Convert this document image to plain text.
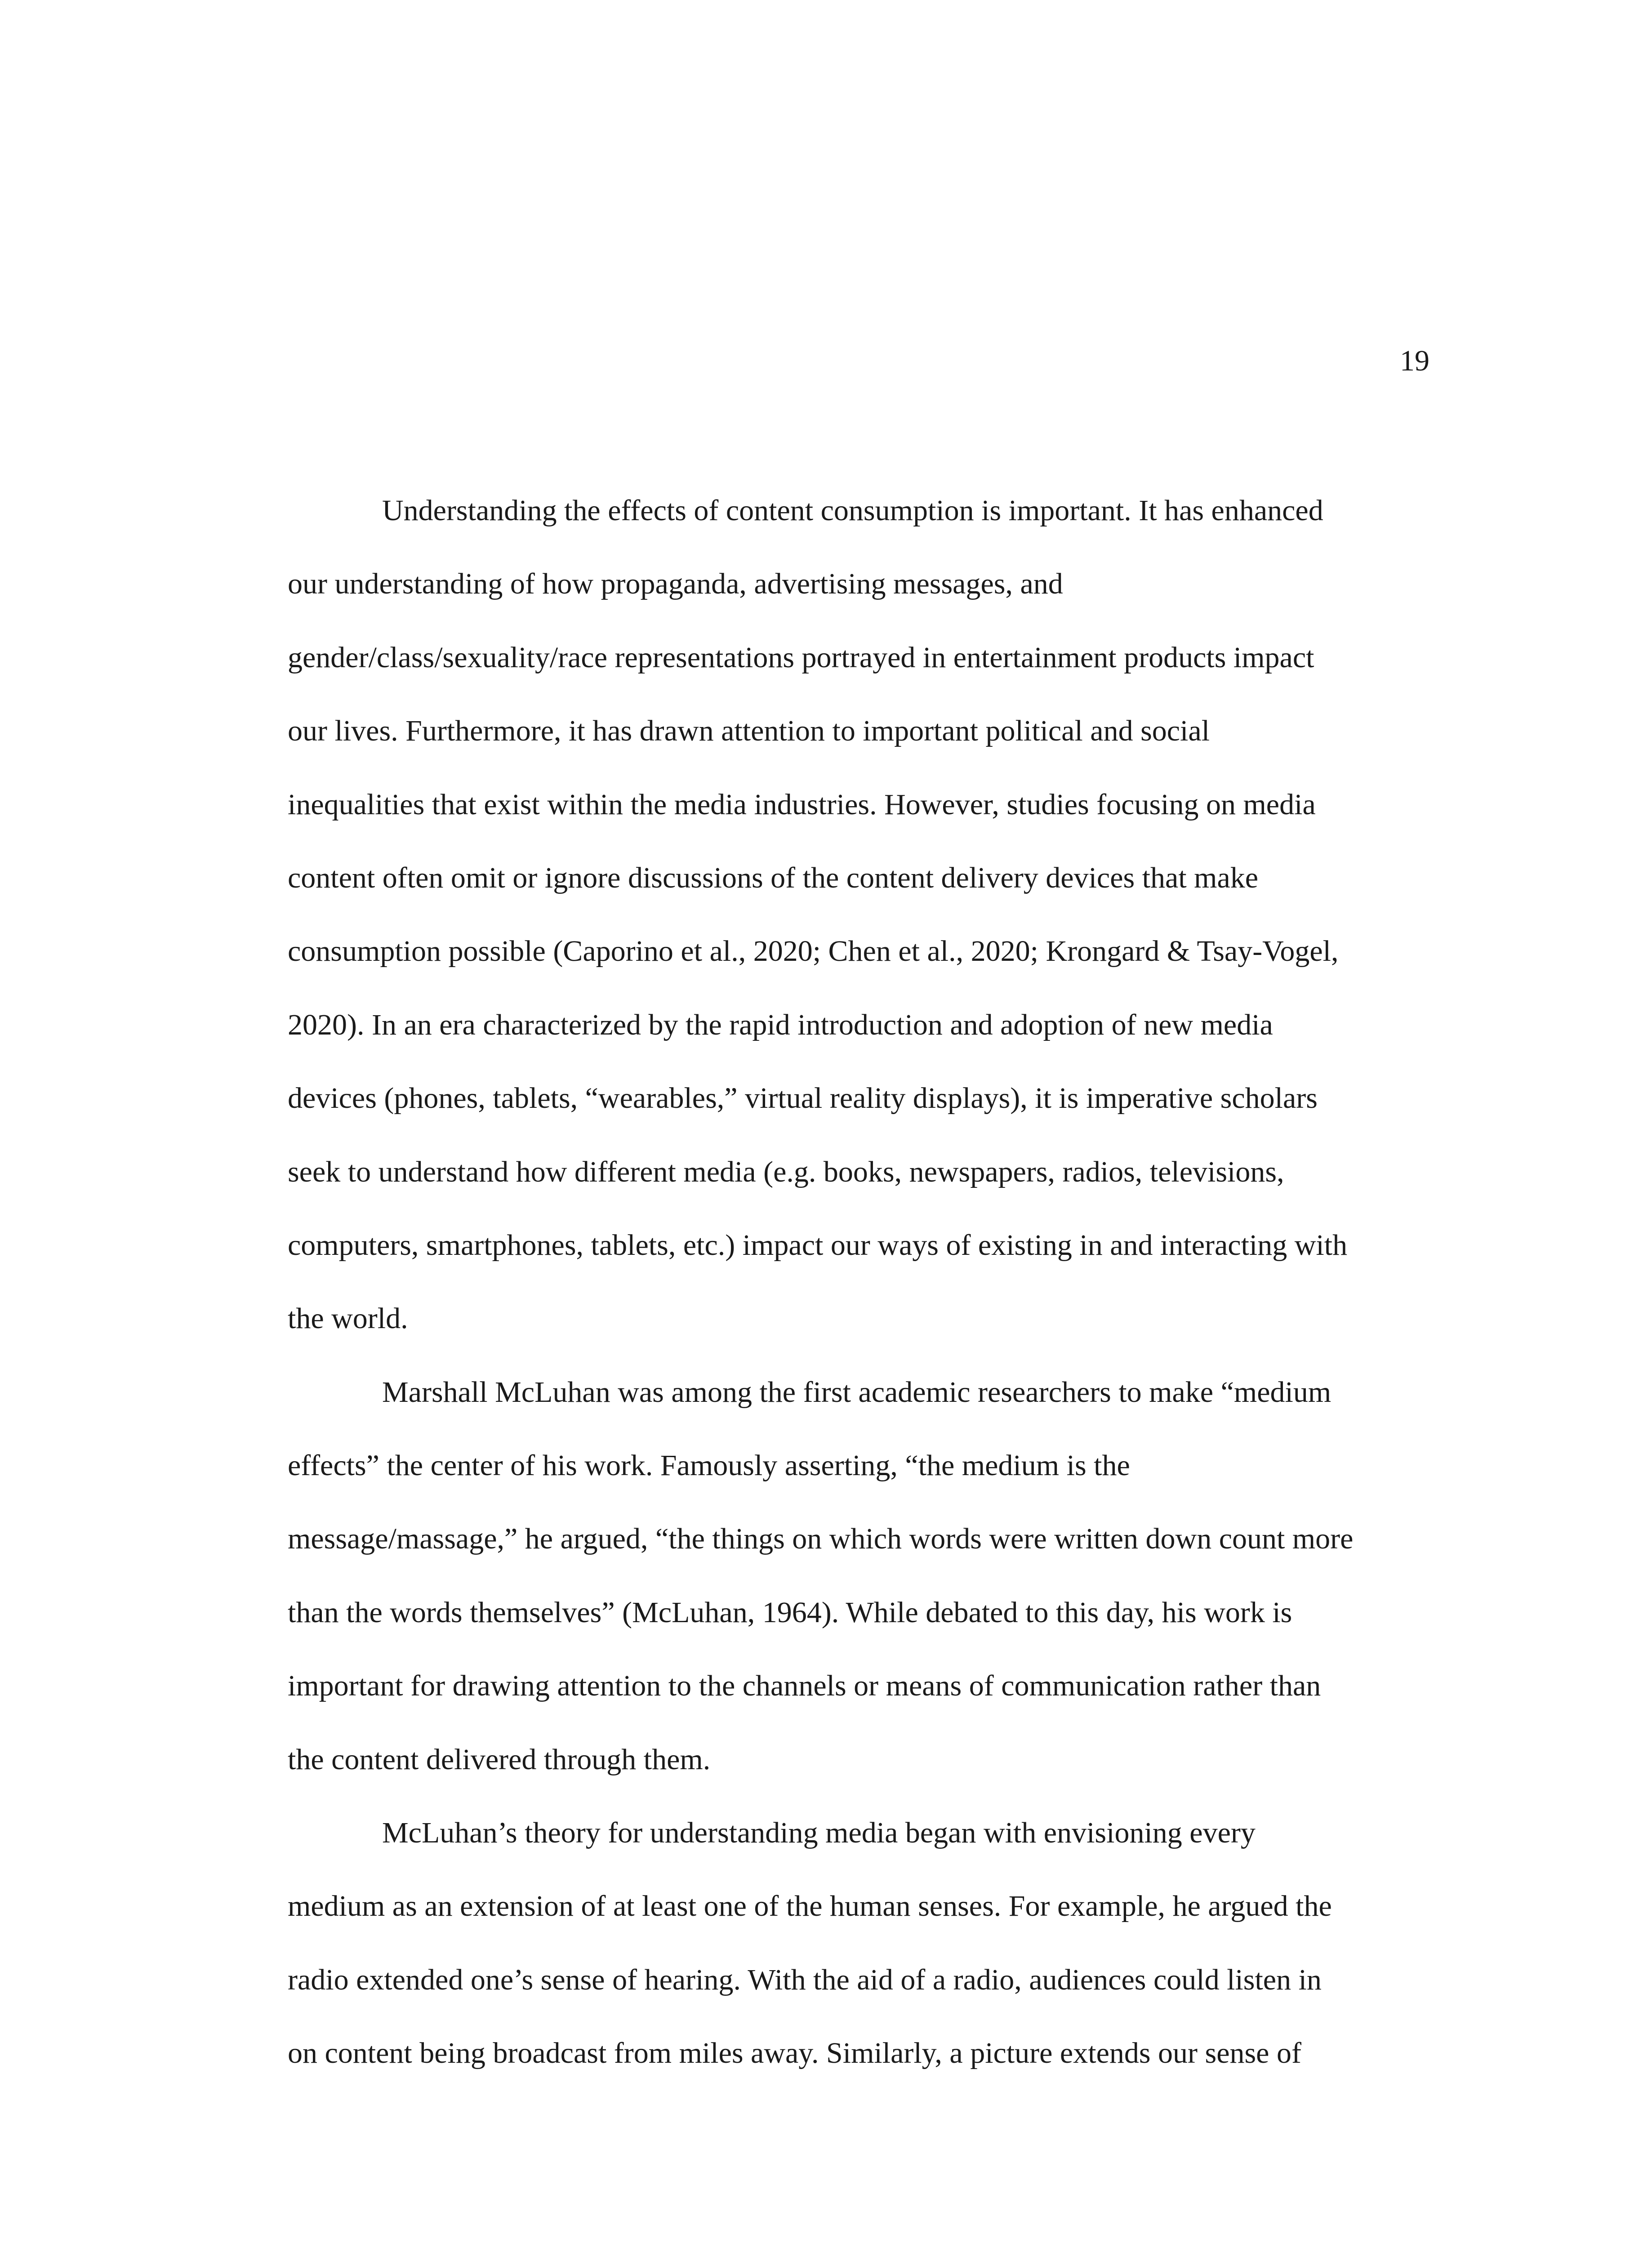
19
Understanding the effects of content consumption is important. It has enhanced
our understanding of how propaganda, advertising messages, and
gender/class/sexuality/race representations portrayed in entertainment products impact
our lives. Furthermore, it has drawn attention to important political and social
inequalities that exist within the media industries. However, studies focusing on media
content often omit or ignore discussions of the content delivery devices that make
consumption possible (Caporino et al., 2020; Chen et al., 2020; Krongard & Tsay-Vogel,
2020). In an era characterized by the rapid introduction and adoption of new media
devices (phones, tablets, “wearables,” virtual reality displays), it is imperative scholars
seek to understand how different media (e.g. books, newspapers, radios, televisions,
computers, smartphones, tablets, etc.) impact our ways of existing in and interacting with
the world.
Marshall McLuhan was among the first academic researchers to make “medium
effects” the center of his work. Famously asserting, “the medium is the
message/massage,” he argued, “the things on which words were written down count more
than the words themselves” (McLuhan, 1964). While debated to this day, his work is
important for drawing attention to the channels or means of communication rather than
the content delivered through them.
McLuhan’s theory for understanding media began with envisioning every
medium as an extension of at least one of the human senses. For example, he argued the
radio extended one’s sense of hearing. With the aid of a radio, audiences could listen in
on content being broadcast from miles away. Similarly, a picture extends our sense of
